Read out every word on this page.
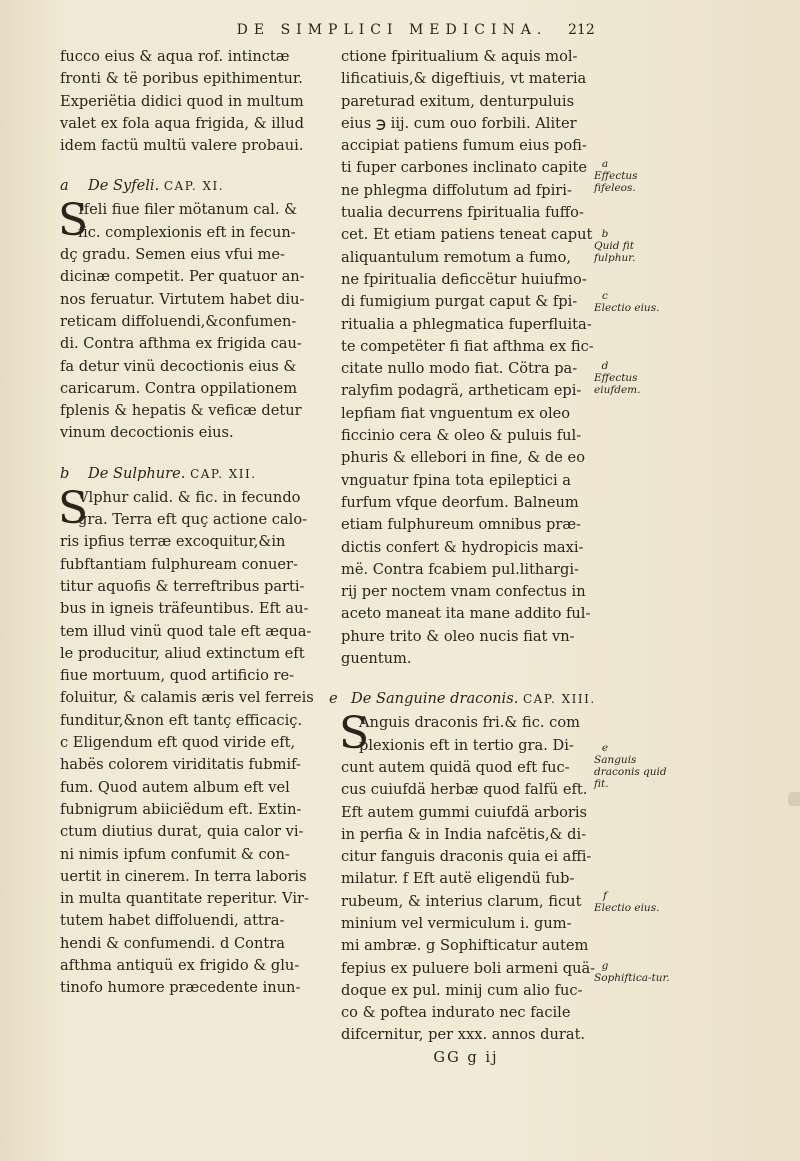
DE SIMPLICI MEDICINA.	212
fucco eius & aqua rof. intinctæ
fronti & të poribus epithimentur.
Experiëtia didici quod in multum
valet ex fola aqua frigida, & illud
idem factü multü valere probaui.
a De Syfeli. CAP. XI.
S
Ifeli fiue filer mötanum cal. &
fic. complexionis eft in fecun-
dç gradu. Semen eius vfui me-
dicinæ competit. Per quatuor an-
nos feruatur. Virtutem habet diu-
reticam diffoluendi,&confumen-
di. Contra afthma ex frigida cau-
fa detur vinü decoctionis eius &
caricarum. Contra oppilationem
fplenis & hepatis & veficæ detur
vinum decoctionis eius.
b De Sulphure. CAP. XII.
S
Vlphur calid. & fic. in fecundo
gra. Terra eft quç actione calo-
ris ipfius terræ excoquitur,&in
fubftantiam fulphuream conuer-
titur aquofis & terreftribus parti-
bus in igneis träfeuntibus. Eft au-
tem illud vinü quod tale eft æqua-
le producitur, aliud extinctum eft
fiue mortuum, quod artificio re-
foluitur, & calamis æris vel ferreis
funditur,&non eft tantç efficaciç.
c Eligendum eft quod viride eft,
habës colorem viriditatis fubmif-
fum. Quod autem album eft vel
fubnigrum abiiciëdum eft. Extin-
ctum diutius durat, quia calor vi-
ni nimis ipfum confumit & con-
uertit in cinerem. In terra laboris
in multa quantitate reperitur. Vir-
tutem habet diffoluendi, attra-
hendi & confumendi. d Contra
afthma antiquü ex frigido & glu-
tinofo humore præcedente inun-
ctione fpiritualium & aquis mol-
lificatiuis,& digeftiuis, vt materia
pareturad exitum, denturpuluis
eius ℈ iij. cum ouo forbili. Aliter
accipiat patiens fumum eius pofi-
ti fuper carbones inclinato capite
ne phlegma diffolutum ad fpiri-
tualia decurrens fpiritualia fuffo-
cet. Et etiam patiens teneat caput
aliquantulum remotum a fumo,
ne fpiritualia deficcëtur huiufmo-
di fumigium purgat caput & fpi-
ritualia a phlegmatica fuperfluita-
te competëter fi fiat afthma ex fic-
citate nullo modo fiat. Cötra pa-
ralyfim podagrä, artheticam epi-
lepfiam fiat vnguentum ex oleo
ficcinio cera & oleo & puluis ful-
phuris & ellebori in fine, & de eo
vnguatur fpina tota epileptici a
furfum vfque deorfum. Balneum
etiam fulphureum omnibus præ-
dictis confert & hydropicis maxi-
më. Contra fcabiem pul.lithargi-
rij per noctem vnam confectus in
aceto maneat ita mane addito ful-
phure trito & oleo nucis fiat vn-
guentum.
e De Sanguine draconis. CAP. XIII.
S
Anguis draconis fri.& fic. com
plexionis eft in tertio gra. Di-
cunt autem quidä quod eft fuc-
cus cuiufdä herbæ quod falfü eft.
Eft autem gummi cuiufdä arboris
in perfia & in India nafcëtis,& di-
citur fanguis draconis quia ei affi-
milatur. f Eft autë eligendü fub-
rubeum, & interius clarum, ficut
minium vel vermiculum i. gum-
mi ambræ. g Sophifticatur autem
fepius ex puluere boli armeni quä-
doque ex pul. minij cum alio fuc-
co & poftea indurato nec facile
difcernitur, per xxx. annos durat.
GG g ij
a
Effectus fifeleos.
b
Quid fit fulphur.
c
Electio eius.
d
Effectus eiufdem.
e
Sanguis draconis quid fit.
f
Electio eius.
g
Sophiftica-tur.
